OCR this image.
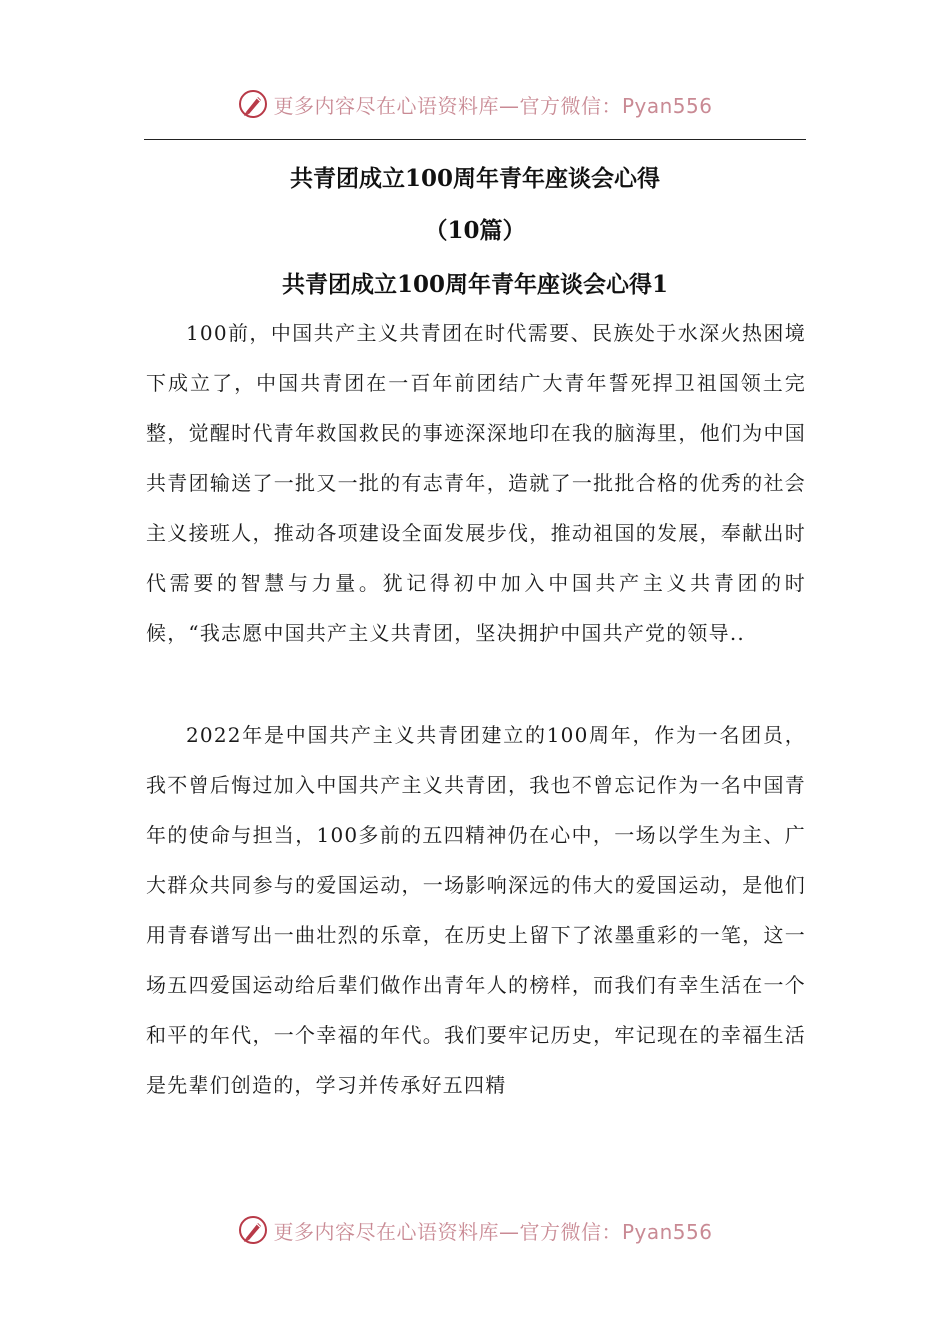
更多内容尽在心语资料库—官方微信：Pyan556
共青团成立100周年青年座谈会心得
（10篇）
共青团成立100周年青年座谈会心得1

100前，中国共产主义共青团在时代需要、民族处于水深火热困境下成立了，中国共青团在一百年前团结广大青年誓死捍卫祖国领土完整，觉醒时代青年救国救民的事迹深深地印在我的脑海里，他们为中国共青团输送了一批又一批的有志青年，造就了一批批合格的优秀的社会主义接班人，推动各项建设全面发展步伐，推动祖国的发展，奉献出时代需要的智慧与力量。犹记得初中加入中国共产主义共青团的时候，“我志愿中国共产主义共青团，坚决拥护中国共产党的领导..

2022年是中国共产主义共青团建立的100周年，作为一名团员，我不曾后悔过加入中国共产主义共青团，我也不曾忘记作为一名中国青年的使命与担当，100多前的五四精神仍在心中，一场以学生为主、广大群众共同参与的爱国运动，一场影响深远的伟大的爱国运动，是他们用青春谱写出一曲壮烈的乐章，在历史上留下了浓墨重彩的一笔，这一场五四爱国运动给后辈们做作出青年人的榜样，而我们有幸生活在一个和平的年代，一个幸福的年代。我们要牢记历史，牢记现在的幸福生活是先辈们创造的，学习并传承好五四精

更多内容尽在心语资料库—官方微信：Pyan556
